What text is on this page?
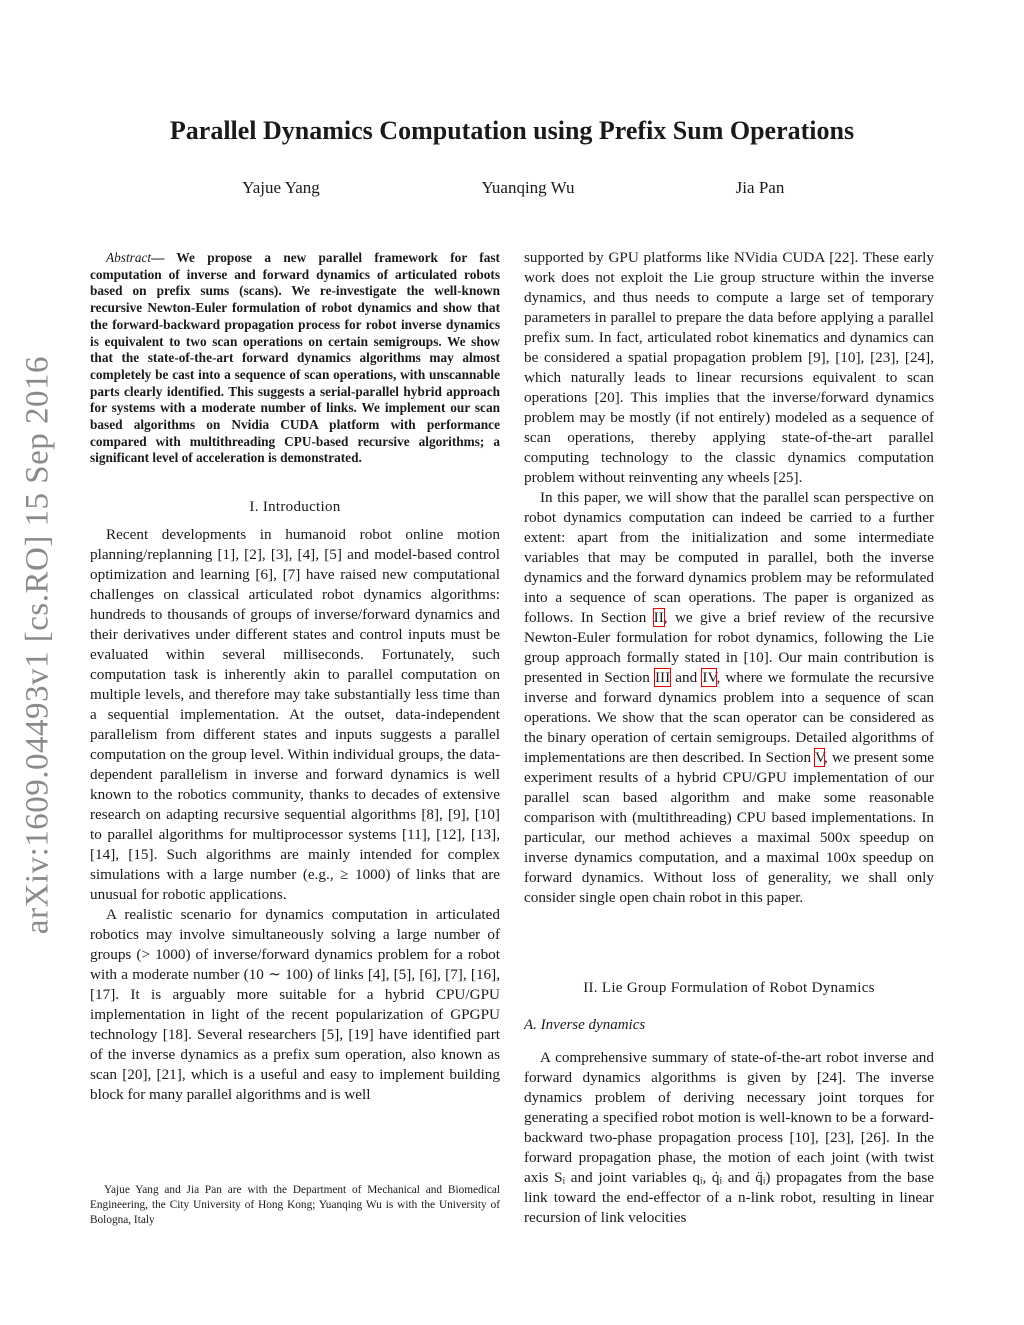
arXiv:1609.04493v1 [cs.RO] 15 Sep 2016
Parallel Dynamics Computation using Prefix Sum Operations
Yajue Yang	Yuanqing Wu	Jia Pan
Abstract— We propose a new parallel framework for fast computation of inverse and forward dynamics of articulated robots based on prefix sums (scans). We re-investigate the well-known recursive Newton-Euler formulation of robot dynamics and show that the forward-backward propagation process for robot inverse dynamics is equivalent to two scan operations on certain semigroups. We show that the state-of-the-art forward dynamics algorithms may almost completely be cast into a sequence of scan operations, with unscannable parts clearly identified. This suggests a serial-parallel hybrid approach for systems with a moderate number of links. We implement our scan based algorithms on Nvidia CUDA platform with performance compared with multithreading CPU-based recursive algorithms; a significant level of acceleration is demonstrated.
I. Introduction

Recent developments in humanoid robot online motion planning/replanning [1], [2], [3], [4], [5] and model-based control optimization and learning [6], [7] have raised new computational challenges on classical articulated robot dynamics algorithms: hundreds to thousands of groups of inverse/forward dynamics and their derivatives under different states and control inputs must be evaluated within several milliseconds. Fortunately, such computation task is inherently akin to parallel computation on multiple levels, and therefore may take substantially less time than a sequential implementation. At the outset, data-independent parallelism from different states and inputs suggests a parallel computation on the group level. Within individual groups, the data-dependent parallelism in inverse and forward dynamics is well known to the robotics community, thanks to decades of extensive research on adapting recursive sequential algorithms [8], [9], [10] to parallel algorithms for multiprocessor systems [11], [12], [13], [14], [15]. Such algorithms are mainly intended for complex simulations with a large number (e.g., ≥ 1000) of links that are unusual for robotic applications.

A realistic scenario for dynamics computation in articulated robotics may involve simultaneously solving a large number of groups (> 1000) of inverse/forward dynamics problem for a robot with a moderate number (10 ∼ 100) of links [4], [5], [6], [7], [16], [17]. It is arguably more suitable for a hybrid CPU/GPU implementation in light of the recent popularization of GPGPU technology [18]. Several researchers [5], [19] have identified part of the inverse dynamics as a prefix sum operation, also known as scan [20], [21], which is a useful and easy to implement building block for many parallel algorithms and is well

Yajue Yang and Jia Pan are with the Department of Mechanical and Biomedical Engineering, the City University of Hong Kong; Yuanqing Wu is with the University of Bologna, Italy

supported by GPU platforms like NVidia CUDA [22]. These early work does not exploit the Lie group structure within the inverse dynamics, and thus needs to compute a large set of temporary parameters in parallel to prepare the data before applying a parallel prefix sum. In fact, articulated robot kinematics and dynamics can be considered a spatial propagation problem [9], [10], [23], [24], which naturally leads to linear recursions equivalent to scan operations [20]. This implies that the inverse/forward dynamics problem may be mostly (if not entirely) modeled as a sequence of scan operations, thereby applying state-of-the-art parallel computing technology to the classic dynamics computation problem without reinventing any wheels [25].

In this paper, we will show that the parallel scan perspective on robot dynamics computation can indeed be carried to a further extent: apart from the initialization and some intermediate variables that may be computed in parallel, both the inverse dynamics and the forward dynamics problem may be reformulated into a sequence of scan operations. The paper is organized as follows. In Section II, we give a brief review of the recursive Newton-Euler formulation for robot dynamics, following the Lie group approach formally stated in [10]. Our main contribution is presented in Section III and IV, where we formulate the recursive inverse and forward dynamics problem into a sequence of scan operations. We show that the scan operator can be considered as the binary operation of certain semigroups. Detailed algorithms of implementations are then described. In Section V, we present some experiment results of a hybrid CPU/GPU implementation of our parallel scan based algorithm and make some reasonable comparison with (multithreading) CPU based implementations. In particular, our method achieves a maximal 500x speedup on inverse dynamics computation, and a maximal 100x speedup on forward dynamics. Without loss of generality, we shall only consider single open chain robot in this paper.

II. Lie Group Formulation of Robot Dynamics
A. Inverse dynamics

A comprehensive summary of state-of-the-art robot inverse and forward dynamics algorithms is given by [24]. The inverse dynamics problem of deriving necessary joint torques for generating a specified robot motion is well-known to be a forward-backward two-phase propagation process [10], [23], [26]. In the forward propagation phase, the motion of each joint (with twist axis Sᵢ and joint variables qᵢ, q̇ᵢ and q̈ᵢ) propagates from the base link toward the end-effector of a n-link robot, resulting in linear recursion of link velocities
